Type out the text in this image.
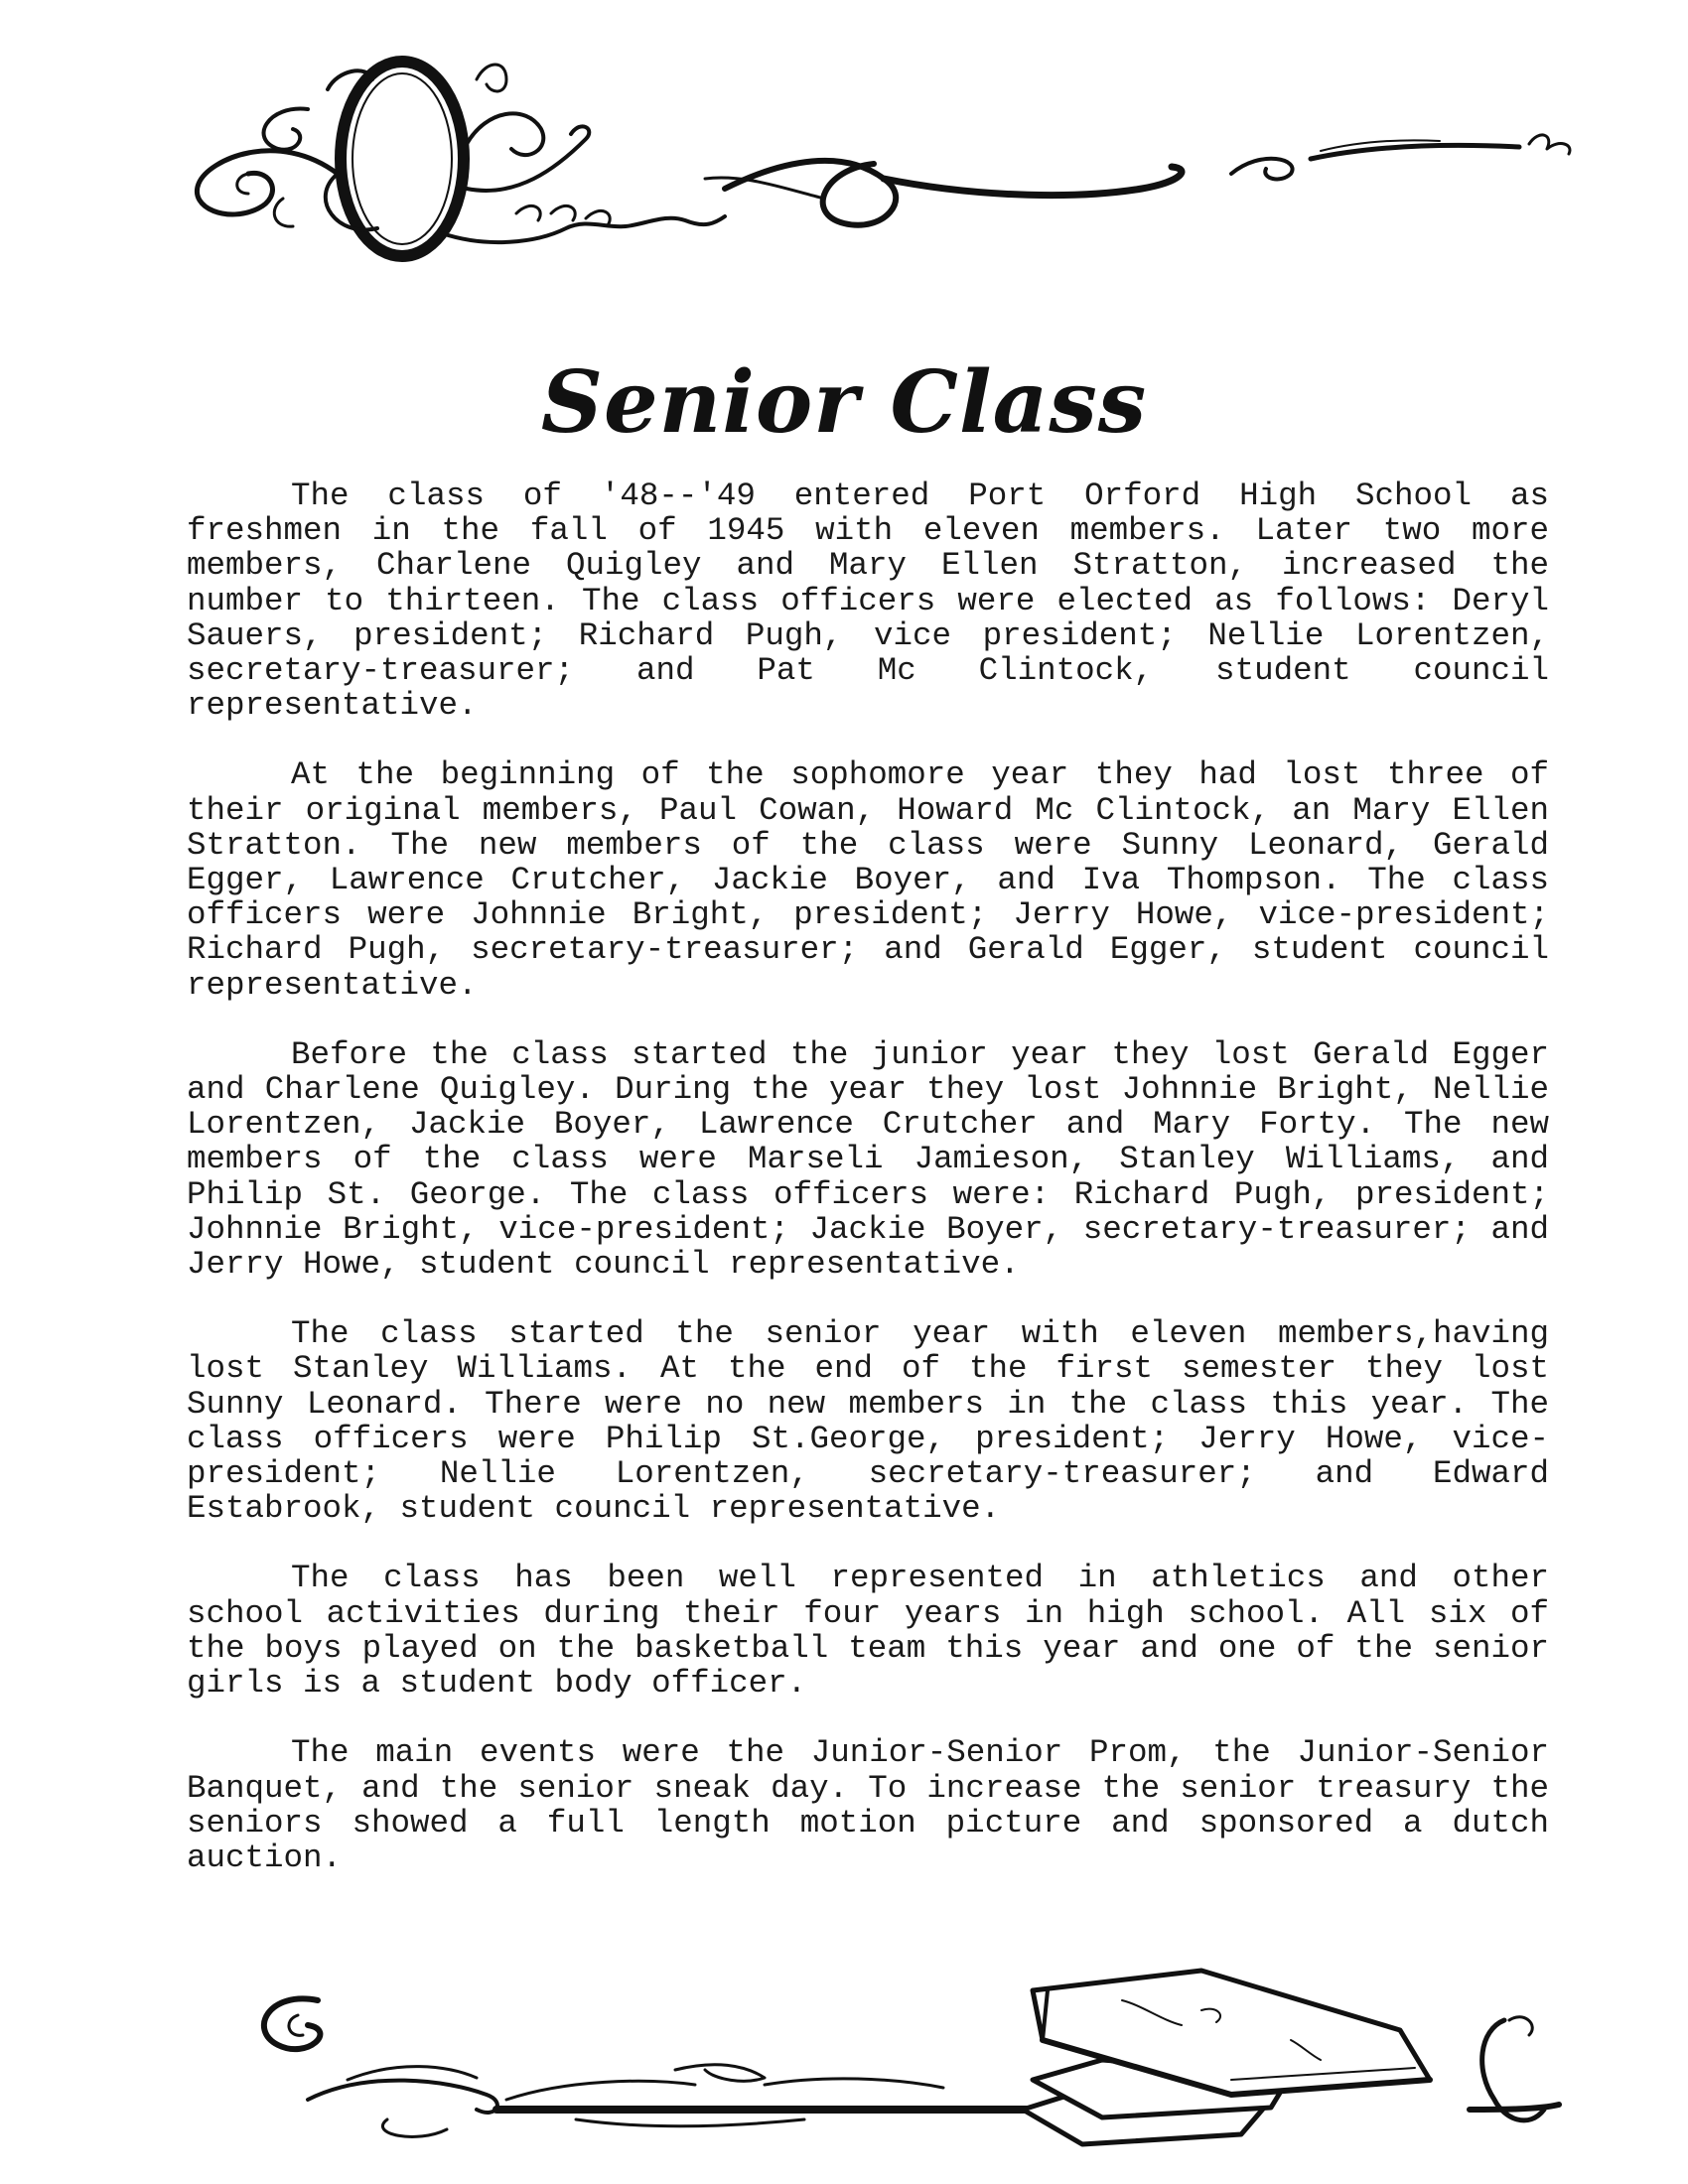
Senior Class

The class of '48--'49 entered Port Orford High School as freshmen in the fall of 1945 with eleven members. Later two more members, Charlene Quigley and Mary Ellen Stratton, increased the number to thirteen. The class officers were elected as follows: Deryl Sauers, president; Richard Pugh, vice president; Nellie Lorentzen, secretary-treasurer; and Pat Mc Clintock, student council representative.

At the beginning of the sophomore year they had lost three of their original members, Paul Cowan, Howard Mc Clintock, an Mary Ellen Stratton. The new members of the class were Sunny Leonard, Gerald Egger, Lawrence Crutcher, Jackie Boyer, and Iva Thompson. The class officers were Johnnie Bright, president; Jerry Howe, vice-president; Richard Pugh, secretary-treasurer; and Gerald Egger, student council representative.

Before the class started the junior year they lost Gerald Egger and Charlene Quigley. During the year they lost Johnnie Bright, Nellie Lorentzen, Jackie Boyer, Lawrence Crutcher and Mary Forty. The new members of the class were Marseli Jamieson, Stanley Williams, and Philip St. George. The class officers were: Richard Pugh, president; Johnnie Bright, vice-president; Jackie Boyer, secretary-treasurer; and Jerry Howe, student council representative.

The class started the senior year with eleven members,having lost Stanley Williams. At the end of the first semester they lost Sunny Leonard. There were no new members in the class this year. The class officers were Philip St.George, president; Jerry Howe, vice-president; Nellie Lorentzen, secretary-treasurer; and Edward Estabrook, student council representative.

The class has been well represented in athletics and other school activities during their four years in high school. All six of the boys played on the basketball team this year and one of the senior girls is a student body officer.

The main events were the Junior-Senior Prom, the Junior-Senior Banquet, and the senior sneak day. To increase the senior treasury the seniors showed a full length motion picture and sponsored a dutch auction.
